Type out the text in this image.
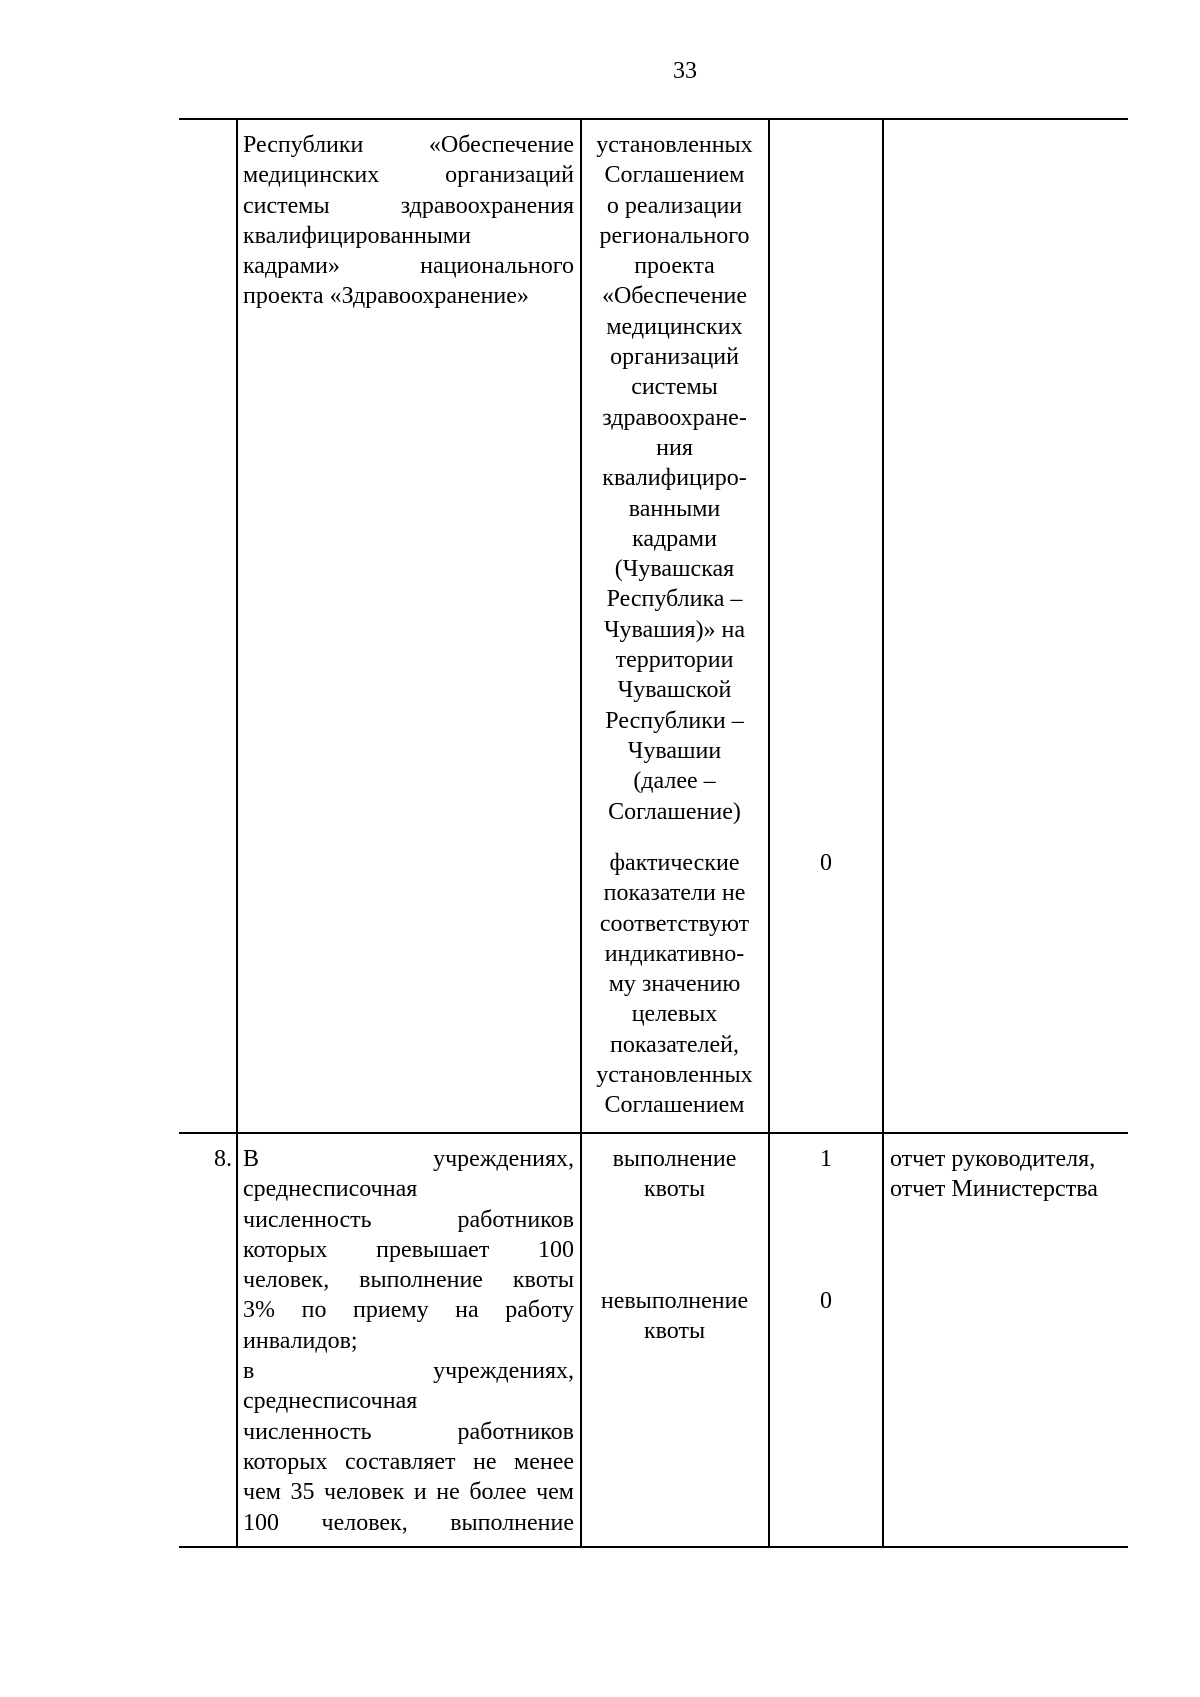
33

Республики «Обеспечение

медицинских организаций

системы здравоохранения

квалифицированными

кадрами» национального

проекта «Здравоохранение»

установленных

Соглашением

о реализации

регионального

проекта

«Обеспечение

медицинских

организаций

системы

здравоохране-

ния

квалифициро-

ванными

кадрами

(Чувашская

Республика –

Чувашия)» на

территории

Чувашской

Республики –

Чувашии

(далее –

Соглашение)

фактические

показатели не

соответствуют

индикативно-

му значению

целевых

показателей,

установленных

Соглашением

0
8. В учреждениях,

среднесписочная

численность работников

которых превышает 100

человек, выполнение квоты

3% по приему на работу

инвалидов;

в учреждениях,

среднесписочная

численность работников

которых составляет не менее

чем 35 человек и не более чем

100 человек, выполнение

выполнение

квоты

1

невыполнение

квоты

0

отчет руководителя,

отчет Министерства
